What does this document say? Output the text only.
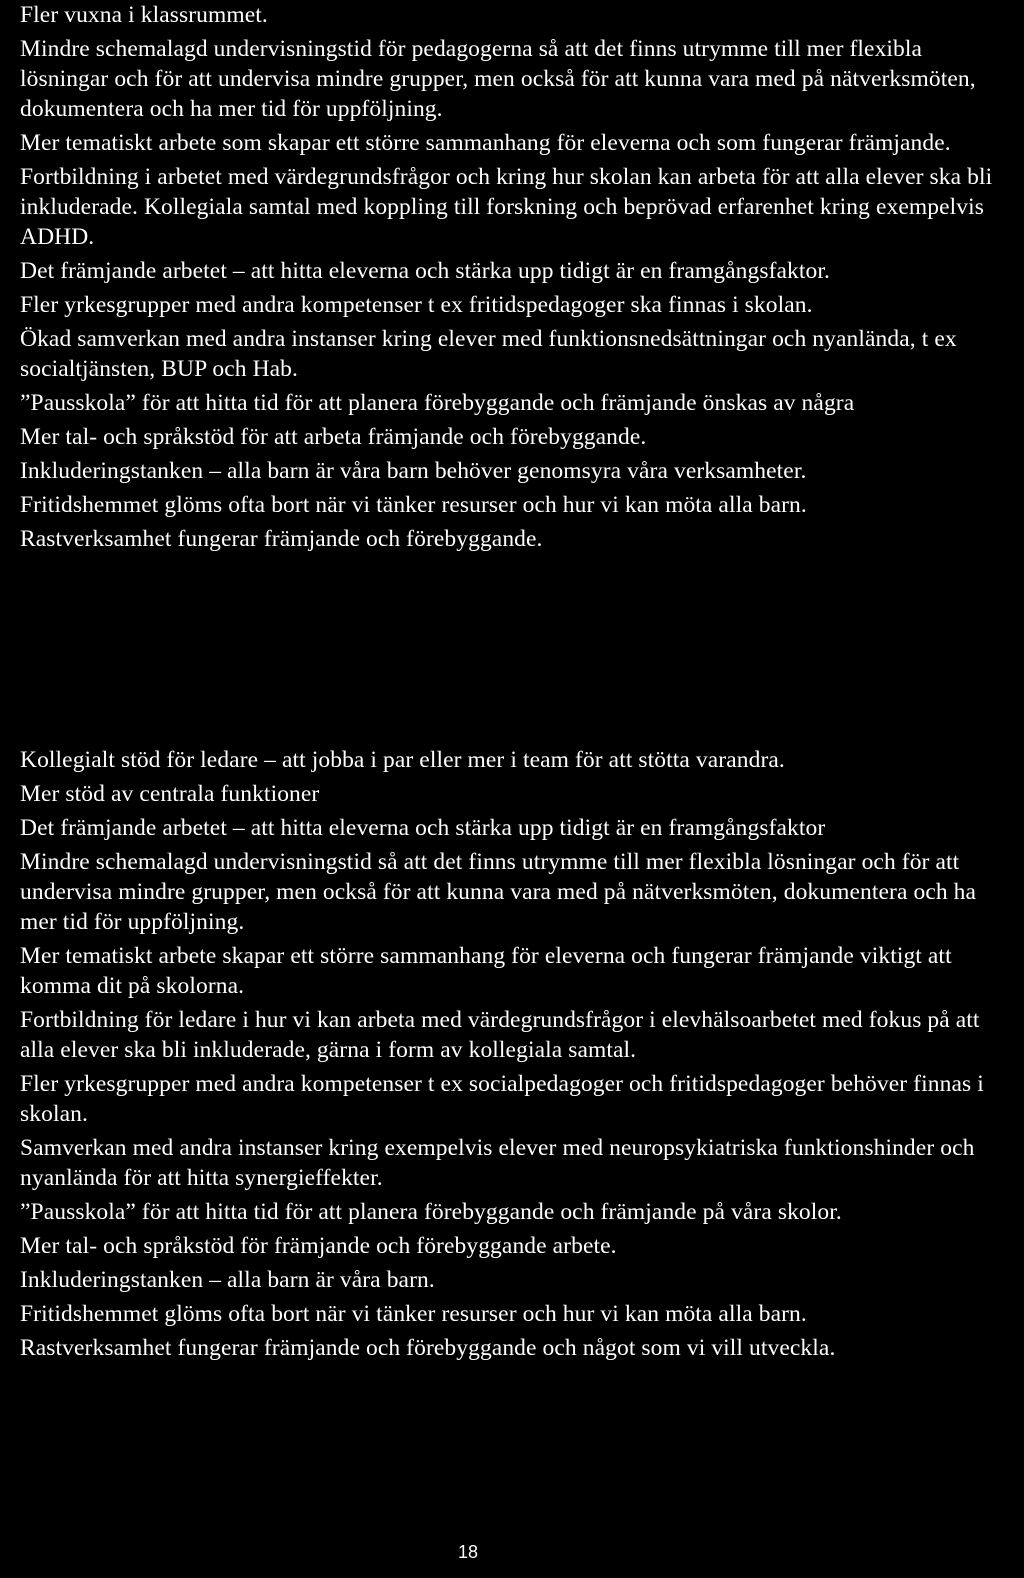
Fler vuxna i klassrummet.

Mindre schemalagd undervisningstid för pedagogerna så att det finns utrymme till mer flexibla lösningar och för att undervisa mindre grupper, men också för att kunna vara med på nätverksmöten, dokumentera och ha mer tid för uppföljning.

Mer tematiskt arbete som skapar ett större sammanhang för eleverna och som fungerar främjande.

Fortbildning i arbetet med värdegrundsfrågor och kring hur skolan kan arbeta för att alla elever ska bli inkluderade. Kollegiala samtal med koppling till forskning och beprövad erfarenhet kring exempelvis ADHD.

Det främjande arbetet – att hitta eleverna och stärka upp tidigt är en framgångsfaktor.

Fler yrkesgrupper med andra kompetenser t ex fritidspedagoger ska finnas i skolan.

Ökad samverkan med andra instanser kring elever med funktionsnedsättningar och nyanlända, t ex socialtjänsten, BUP och Hab.

”Pausskola” för att hitta tid för att planera förebyggande och främjande önskas av några

Mer tal- och språkstöd för att arbeta främjande och förebyggande.

Inkluderingstanken – alla barn är våra barn behöver genomsyra våra verksamheter.

Fritidshemmet glöms ofta bort när vi tänker resurser och hur vi kan möta alla barn.

Rastverksamhet fungerar främjande och förebyggande.

Kollegialt stöd för ledare – att jobba i par eller mer i team för att stötta varandra.

Mer stöd av centrala funktioner

Det främjande arbetet – att hitta eleverna och stärka upp tidigt är en framgångsfaktor

Mindre schemalagd undervisningstid så att det finns utrymme till mer flexibla lösningar och för att undervisa mindre grupper, men också för att kunna vara med på nätverksmöten, dokumentera och ha mer tid för uppföljning.

Mer tematiskt arbete skapar ett större sammanhang för eleverna och fungerar främjande viktigt att komma dit på skolorna.

Fortbildning för ledare i hur vi kan arbeta med värdegrundsfrågor i elevhälsoarbetet med fokus på att alla elever ska bli inkluderade, gärna i form av kollegiala samtal.

Fler yrkesgrupper med andra kompetenser t ex socialpedagoger och fritidspedagoger behöver finnas i skolan.

Samverkan med andra instanser kring exempelvis elever med neuropsykiatriska funktionshinder och nyanlända för att hitta synergieffekter.

”Pausskola” för att hitta tid för att planera förebyggande och främjande på våra skolor.

Mer tal- och språkstöd för främjande och förebyggande arbete.

Inkluderingstanken – alla barn är våra barn.

Fritidshemmet glöms ofta bort när vi tänker resurser och hur vi kan möta alla barn.

Rastverksamhet fungerar främjande och förebyggande och något som vi vill utveckla.

18
